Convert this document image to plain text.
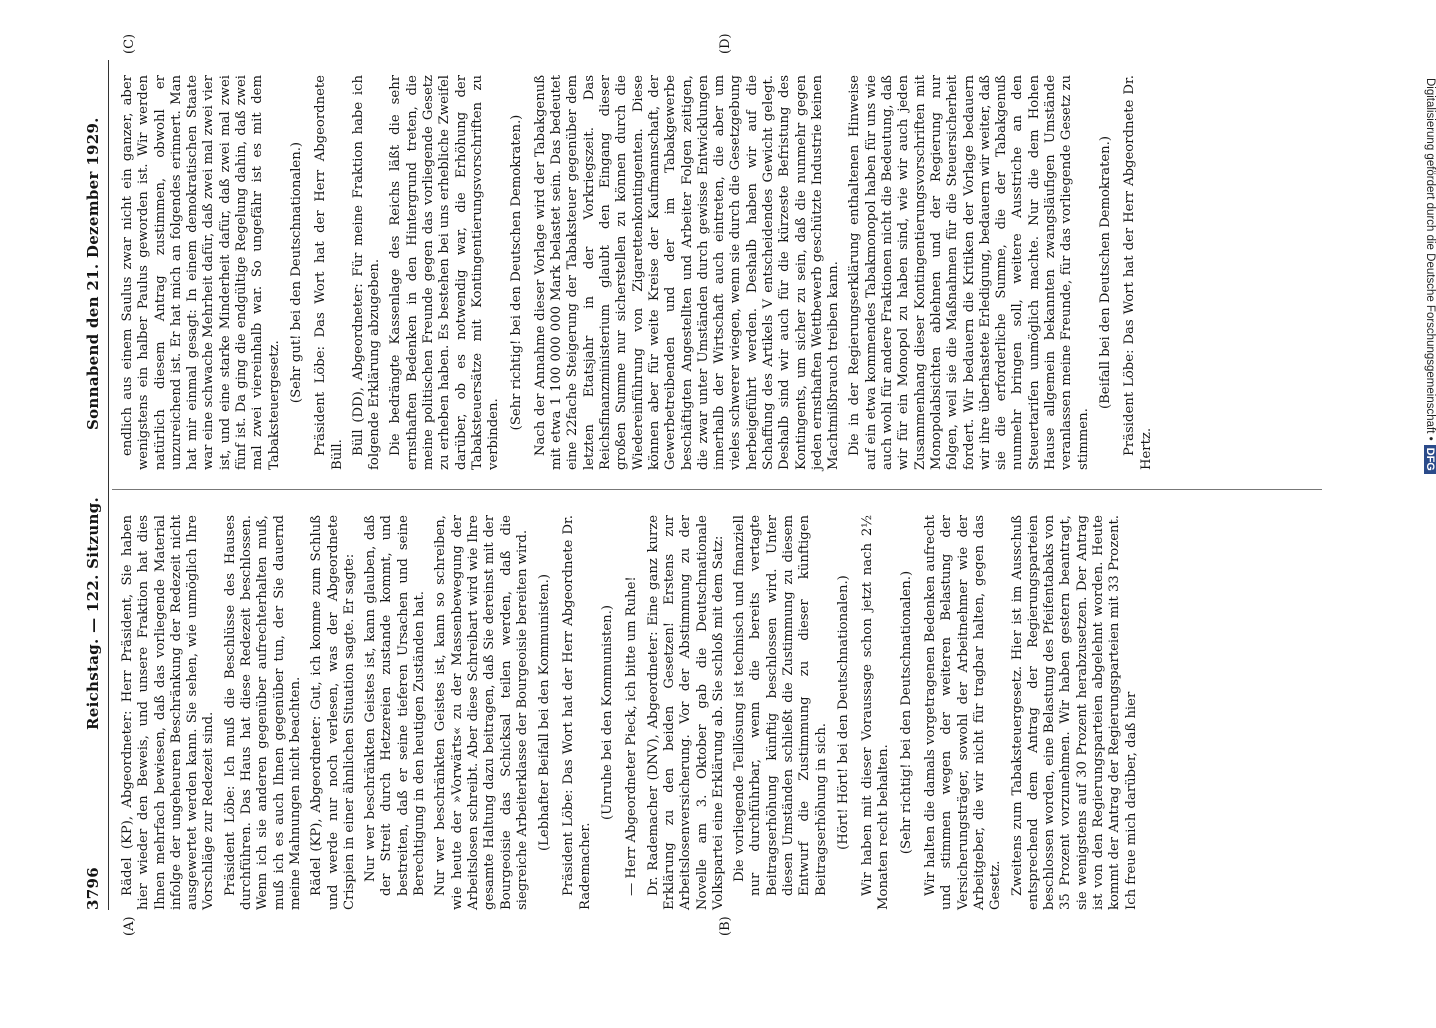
3796
Reichstag. — 122. Sitzung.
Sonnabend den 21. Dezember 1929.
(A)	(B)
(C)	(D)

Rädel (KP), Abgeordneter: Herr Präsident, Sie haben hier wieder den Beweis, und unsere Fraktion hat dies Ihnen mehrfach bewiesen, daß das vorliegende Material infolge der ungeheuren Beschränkung der Redezeit nicht ausgewertet werden kann. Sie sehen, wie unmöglich Ihre Vorschläge zur Redezeit sind. Präsident Löbe: Ich muß die Beschlüsse des Hauses durchführen. Das Haus hat diese Redezeit beschlossen. Wenn ich sie anderen gegenüber aufrechterhalten muß, muß ich es auch Ihnen gegenüber tun, der Sie dauernd meine Mahnungen nicht beachten. Rädel (KP), Abgeordneter: Gut, ich komme zum Schluß und werde nur noch verlesen, was der Abgeordnete Crispien in einer ähnlichen Situation sagte. Er sagte: Nur wer beschränkten Geistes ist, kann glauben, daß der Streit durch Hetzereien zustande kommt, und bestreiten, daß er seine tieferen Ursachen und seine Berechtigung in den heutigen Zuständen hat. Nur wer beschränkten Geistes ist, kann so schreiben, wie heute der »Vorwärts« zu der Massenbewegung der Arbeitslosen schreibt. Aber diese Schreibart wird wie Ihre gesamte Haltung dazu beitragen, daß Sie dereinst mit der Bourgeoisie das Schicksal teilen werden, daß die siegreiche Arbeiterklasse der Bourgeoisie bereiten wird. (Lebhafter Beifall bei den Kommunisten.) Präsident Löbe: Das Wort hat der Herr Abgeordnete Dr. Rademacher.

(Unruhe bei den Kommunisten.) — Herr Abgeordneter Pieck, ich bitte um Ruhe! Dr. Rademacher (DNV), Abgeordneter: Eine ganz kurze Erklärung zu den beiden Gesetzen! Erstens zur Arbeitslosenversicherung. Vor der Abstimmung zu der Novelle am 3. Oktober gab die Deutschnationale Volkspartei eine Erklärung ab. Sie schloß mit dem Satz: Die vorliegende Teillösung ist technisch und finanziell nur durchführbar, wenn die bereits vertagte Beitragserhöhung künftig beschlossen wird. Unter diesen Umständen schließt die Zustimmung zu diesem Entwurf die Zustimmung zu dieser künftigen Beitragserhöhung in sich. (Hört! Hört! bei den Deutschnationalen.) Wir haben mit dieser Voraussage schon jetzt nach 2½ Monaten recht behalten. (Sehr richtig! bei den Deutschnationalen.) Wir halten die damals vorgetragenen Bedenken aufrecht und stimmen wegen der weiteren Belastung der Versicherungsträger, sowohl der Arbeitnehmer wie der Arbeitgeber, die wir nicht für tragbar halten, gegen das Gesetz. Zweitens zum Tabaksteuergesetz. Hier ist im Ausschuß entsprechend dem Antrag der Regierungsparteien beschlossen worden, eine Belastung des Pfeifentabaks von 35 Prozent vorzunehmen. Wir haben gestern beantragt, sie wenigstens auf 30 Prozent herabzusetzen. Der Antrag ist von den Regierungsparteien abgelehnt worden. Heute kommt der Antrag der Regierungsparteien mit 33 Prozent. Ich freue mich darüber, daß hier

endlich aus einem Saulus zwar nicht ein ganzer, aber wenigstens ein halber Paulus geworden ist. Wir werden natürlich diesem Antrag zustimmen, obwohl er unzureichend ist. Er hat mich an folgendes erinnert. Man hat mir einmal gesagt: In einem demokratischen Staate war eine schwache Mehrheit dafür, daß zwei mal zwei vier ist, und eine starke Minderheit dafür, daß zwei mal zwei fünf ist. Da ging die endgültige Regelung dahin, daß zwei mal zwei viereinhalb war. So ungefähr ist es mit dem Tabaksteuergesetz.

(Sehr gut! bei den Deutschnationalen.) Präsident Löbe: Das Wort hat der Herr Abgeordnete Büll. Büll (DD), Abgeordneter: Für meine Fraktion habe ich folgende Erklärung abzugeben. Die bedrängte Kassenlage des Reichs läßt die sehr ernsthaften Bedenken in den Hintergrund treten, die meine politischen Freunde gegen das vorliegende Gesetz zu erheben haben. Es bestehen bei uns erhebliche Zweifel darüber, ob es notwendig war, die Erhöhung der Tabaksteuersätze mit Kontingentierungsvorschriften zu verbinden.

(Sehr richtig! bei den Deutschen Demokraten.) Nach der Annahme dieser Vorlage wird der Tabakgenuß mit etwa 1 100 000 000 Mark belastet sein. Das bedeutet eine 22fache Steigerung der Tabaksteuer gegenüber dem letzten Etatsjahr in der Vorkriegszeit. Das Reichsfinanzministerium glaubt den Eingang dieser großen Summe nur sicherstellen zu können durch die Wiedereinführung von Zigarettenkontingenten. Diese können aber für weite Kreise der Kaufmannschaft, der Gewerbetreibenden und der im Tabakgewerbe beschäftigten Angestellten und Arbeiter Folgen zeitigen, die zwar unter Umständen durch gewisse Entwicklungen innerhalb der Wirtschaft auch eintreten, die aber um vieles schwerer wiegen, wenn sie durch die Gesetzgebung herbeigeführt werden. Deshalb haben wir auf die Schaffung des Artikels V entscheidendes Gewicht gelegt. Deshalb sind wir auch für die kürzeste Befristung des Kontingents, um sicher zu sein, daß die nunmehr gegen jeden ernsthaften Wettbewerb geschützte Industrie keinen Machtmißbrauch treiben kann. Die in der Regierungserklärung enthaltenen Hinweise auf ein etwa kommendes Tabakmonopol haben für uns wie auch wohl für andere Fraktionen nicht die Bedeutung, daß wir für ein Monopol zu haben sind, wie wir auch jeden Zusammenhang dieser Kontingentierungsvorschriften mit Monopolabsichten ablehnen und der Regierung nur folgen, weil sie die Maßnahmen für die Steuersicherheit fordert. Wir bedauern die Kritiken der Vorlage bedauern wir ihre überhastete Erledigung, bedauern wir weiter, daß sie die erforderliche Summe, die der Tabakgenuß nunmehr bringen soll, weitere Ausstriche an den Steuertarifen unmöglich machte. Nur die dem Hohen Hause allgemein bekannten zwangsläufigen Umstände veranlassen meine Freunde, für das vorliegende Gesetz zu stimmen.

(Beifall bei den Deutschen Demokraten.) Präsident Löbe: Das Wort hat der Herr Abgeordnete Dr. Hertz.

Digitalisierung gefördert durch die Deutsche Forschungsgemeinschaft •DFG
